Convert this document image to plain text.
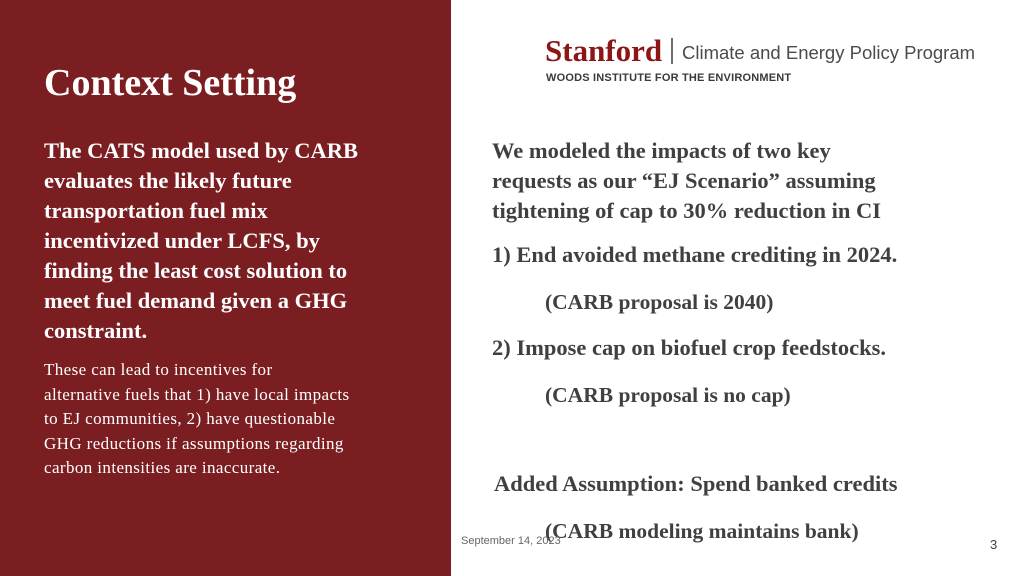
Context Setting
The CATS model used by CARB
evaluates the likely future
transportation fuel mix
incentivized under LCFS, by
finding the least cost solution to
meet fuel demand given a GHG
constraint.
These can lead to incentives for
alternative fuels that 1) have local impacts
to EJ communities, 2) have questionable
GHG reductions if assumptions regarding
carbon intensities are inaccurate.
Stanford Climate and Energy Policy Program
WOODS INSTITUTE FOR THE ENVIRONMENT
We modeled the impacts of two key
requests as our “EJ Scenario” assuming
tightening of cap to 30% reduction in CI
1) End avoided methane crediting in 2024.
(CARB proposal is 2040)
2) Impose cap on biofuel crop feedstocks.
(CARB proposal is no cap)
Added Assumption: Spend banked credits
(CARB modeling maintains bank)
September 14, 2023	3
